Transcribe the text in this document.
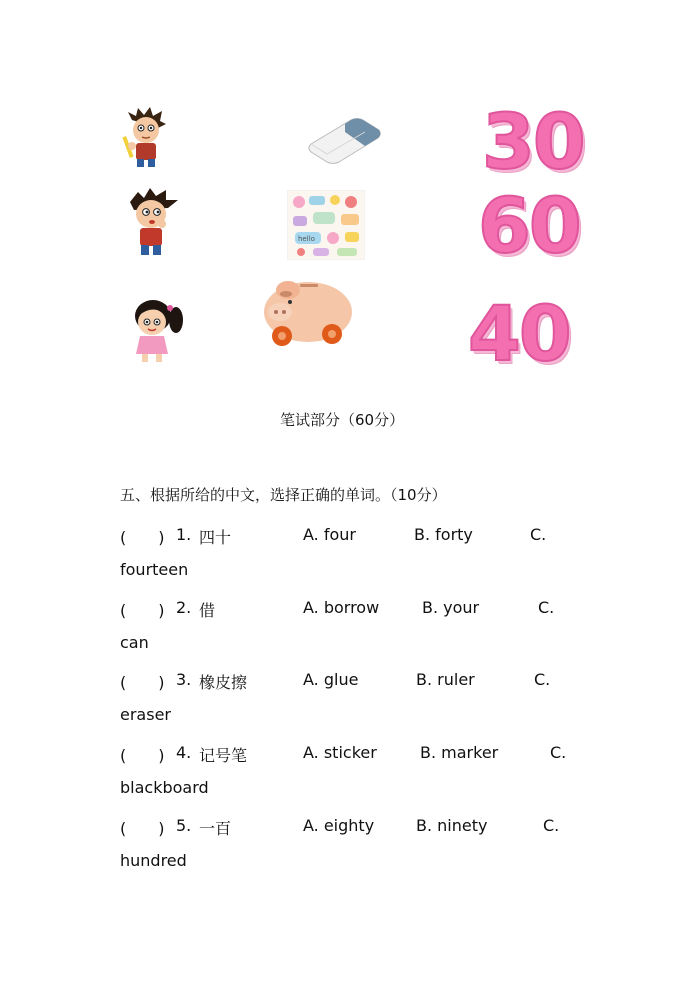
30
hello 60
40
笔试部分（60分）
五、根据所给的中文，选择正确的单词。（10分）
(　　) 1. 四十	A. four	B. forty	C.
fourteen
(　　) 2. 借	A. borrow	B. your	C.
can
(　　) 3. 橡皮擦	A. glue	B. ruler	C.
eraser
(　　) 4. 记号笔	A. sticker	B. marker	C.
blackboard
(　　) 5. 一百	A. eighty	B. ninety	C.
hundred
